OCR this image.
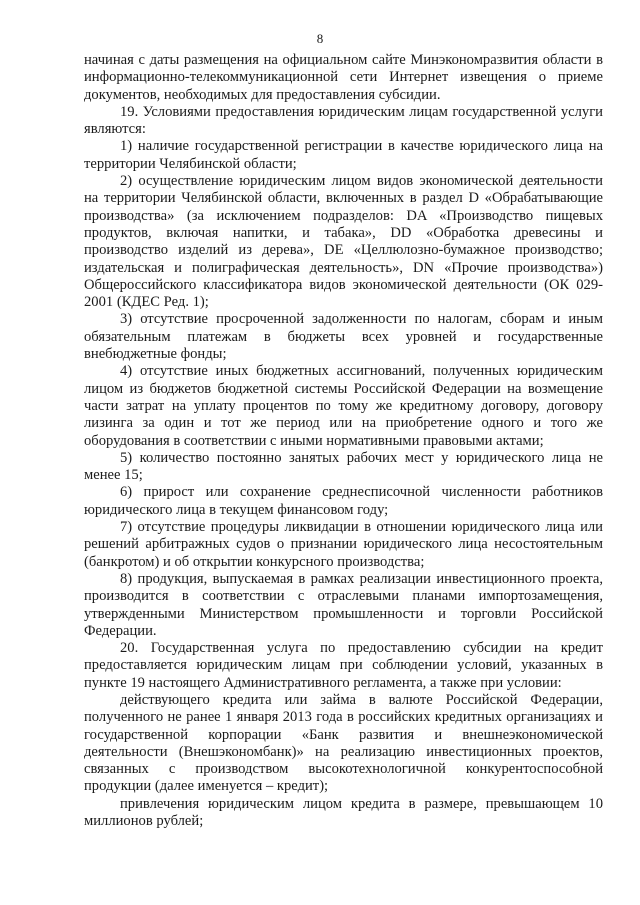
8

начиная с даты размещения на официальном сайте Минэкономразвития области в информационно-телекоммуникационной сети Интернет извещения о приеме документов, необходимых для предоставления субсидии.

19. Условиями предоставления юридическим лицам государственной услуги являются:

1) наличие государственной регистрации в качестве юридического лица на территории Челябинской области;

2) осуществление юридическим лицом видов экономической деятельности на территории Челябинской области, включенных в раздел D «Обрабатывающие производства» (за исключением подразделов: DA «Производство пищевых продуктов, включая напитки, и табака», DD «Обработка древесины и производство изделий из дерева», DE «Целлюлозно-бумажное производство; издательская и полиграфическая деятельность», DN «Прочие производства») Общероссийского классификатора видов экономической деятельности (ОК 029-2001 (КДЕС Ред. 1);

3) отсутствие просроченной задолженности по налогам, сборам и иным обязательным платежам в бюджеты всех уровней и государственные внебюджетные фонды;

4) отсутствие иных бюджетных ассигнований, полученных юридическим лицом из бюджетов бюджетной системы Российской Федерации на возмещение части затрат на уплату процентов по тому же кредитному договору, договору лизинга за один и тот же период или на приобретение одного и того же оборудования в соответствии с иными нормативными правовыми актами;

5) количество постоянно занятых рабочих мест у юридического лица не менее 15;

6) прирост или сохранение среднесписочной численности работников юридического лица в текущем финансовом году;

7) отсутствие процедуры ликвидации в отношении юридического лица или решений арбитражных судов о признании юридического лица несостоятельным (банкротом) и об открытии конкурсного производства;

8) продукция, выпускаемая в рамках реализации инвестиционного проекта, производится в соответствии с отраслевыми планами импортозамещения, утвержденными Министерством промышленности и торговли Российской Федерации.

20. Государственная услуга по предоставлению субсидии на кредит предоставляется юридическим лицам при соблюдении условий, указанных в пункте 19 настоящего Административного регламента, а также при условии:

действующего кредита или займа в валюте Российской Федерации, полученного не ранее 1 января 2013 года в российских кредитных организациях и государственной корпорации «Банк развития и внешнеэкономической деятельности (Внешэкономбанк)» на реализацию инвестиционных проектов, связанных с производством высокотехнологичной конкурентоспособной продукции (далее именуется – кредит);

привлечения юридическим лицом кредита в размере, превышающем 10 миллионов рублей;
